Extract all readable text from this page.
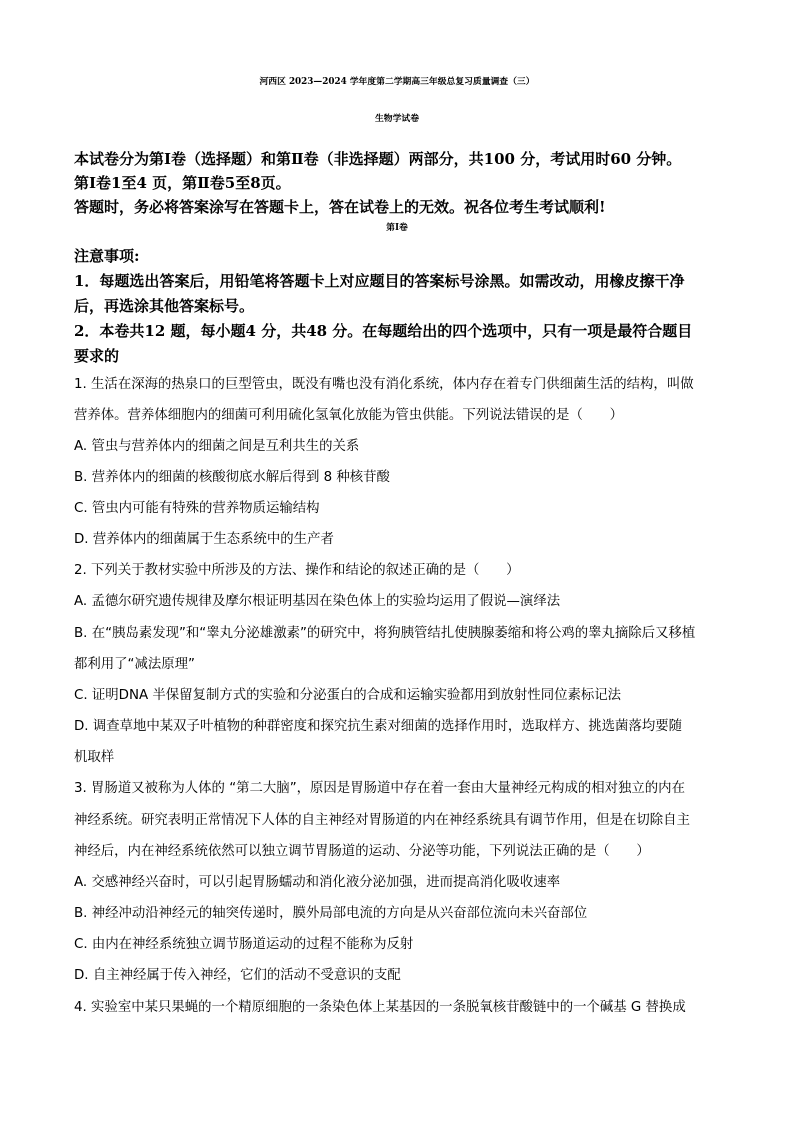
河西区 2023—2024 学年度第二学期高三年级总复习质量调查（三）
生物学试卷
本试卷分为第Ⅰ卷（选择题）和第Ⅱ卷（非选择题）两部分，共100 分，考试用时60 分钟。
第Ⅰ卷1至4 页，第Ⅱ卷5至8页。
答题时，务必将答案涂写在答题卡上，答在试卷上的无效。祝各位考生考试顺利!
第Ⅰ卷
注意事项:
1．每题选出答案后，用铅笔将答题卡上对应题目的答案标号涂黑。如需改动，用橡皮擦干净
后，再选涂其他答案标号。
2．本卷共12 题，每小题4 分，共48 分。在每题给出的四个选项中，只有一项是最符合题目
要求的
1. 生活在深海的热泉口的巨型管虫，既没有嘴也没有消化系统，体内存在着专门供细菌生活的结构，叫做
营养体。营养体细胞内的细菌可利用硫化氢氧化放能为管虫供能。下列说法错误的是（　　）
A. 管虫与营养体内的细菌之间是互利共生的关系
B. 营养体内的细菌的核酸彻底水解后得到 8 种核苷酸
C. 管虫内可能有特殊的营养物质运输结构
D. 营养体内的细菌属于生态系统中的生产者
2. 下列关于教材实验中所涉及的方法、操作和结论的叙述正确的是（　　）
A. 孟德尔研究遗传规律及摩尔根证明基因在染色体上的实验均运用了假说—演绎法
B. 在“胰岛素发现”和“睾丸分泌雄激素”的研究中，将狗胰管结扎使胰腺萎缩和将公鸡的睾丸摘除后又移植
都利用了“减法原理”
C. 证明DNA 半保留复制方式的实验和分泌蛋白的合成和运输实验都用到放射性同位素标记法
D. 调查草地中某双子叶植物的种群密度和探究抗生素对细菌的选择作用时，选取样方、挑选菌落均要随
机取样
3. 胃肠道又被称为人体的 “第二大脑”，原因是胃肠道中存在着一套由大量神经元构成的相对独立的内在
神经系统。研究表明正常情况下人体的自主神经对胃肠道的内在神经系统具有调节作用，但是在切除自主
神经后，内在神经系统依然可以独立调节胃肠道的运动、分泌等功能，下列说法正确的是（　　）
A. 交感神经兴奋时，可以引起胃肠蠕动和消化液分泌加强，进而提高消化吸收速率
B. 神经冲动沿神经元的轴突传递时，膜外局部电流的方向是从兴奋部位流向未兴奋部位
C. 由内在神经系统独立调节肠道运动的过程不能称为反射
D. 自主神经属于传入神经，它们的活动不受意识的支配
4. 实验室中某只果蝇的一个精原细胞的一条染色体上某基因的一条脱氧核苷酸链中的一个碱基 G 替换成
